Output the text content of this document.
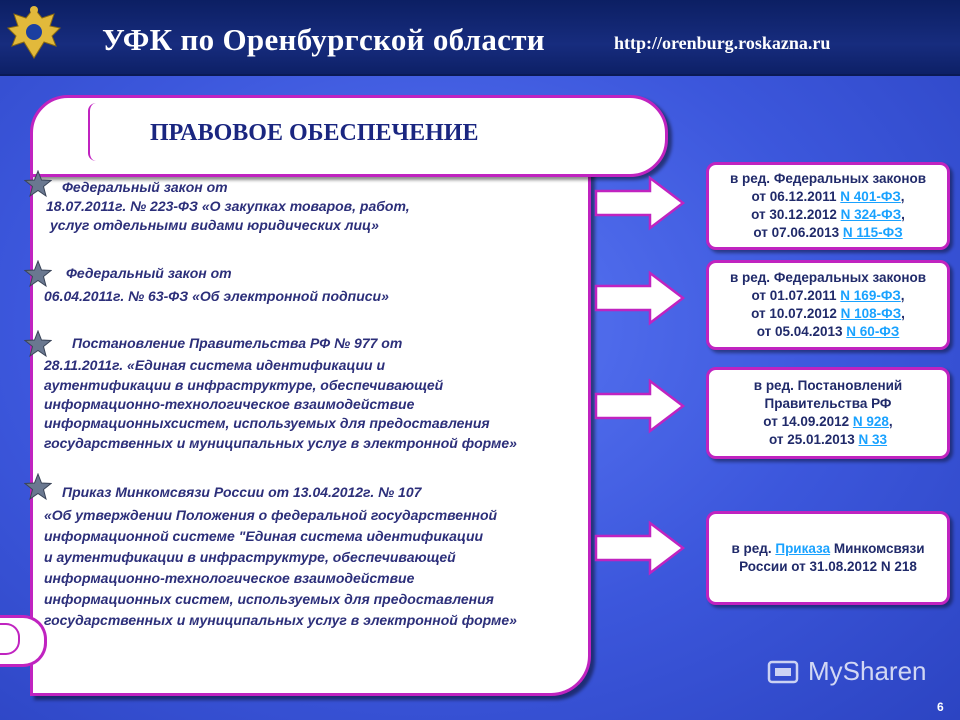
УФК по Оренбургской области	http://orenburg.roskazna.ru
ПРАВОВОЕ ОБЕСПЕЧЕНИЕ
Федеральный закон от
18.07.2011г. № 223-ФЗ «О закупках товаров, работ,
услуг отдельными видами юридических лиц»
Федеральный закон от
06.04.2011г. № 63-ФЗ «Об электронной подписи»
Постановление Правительства РФ № 977 от
28.11.2011г. «Единая система идентификации и
аутентификации в инфраструктуре, обеспечивающей
информационно-технологическое взаимодействие
информационныхсистем, используемых для предоставления
государственных и муниципальных услуг в электронной форме»
Приказ Минкомсвязи России от 13.04.2012г. № 107
«Об утверждении Положения о федеральной государственной
информационной системе "Единая система идентификации
и аутентификации в инфраструктуре, обеспечивающей
информационно-технологическое взаимодействие
информационных систем, используемых для предоставления
государственных и муниципальных услуг в электронной форме»
в ред. Федеральных законов
от 06.12.2011 N 401-ФЗ,
от 30.12.2012 N 324-ФЗ,
от 07.06.2013 N 115-ФЗ
в ред. Федеральных законов
от 01.07.2011 N 169-ФЗ,
от 10.07.2012 N 108-ФЗ,
от 05.04.2013 N 60-ФЗ
в ред. Постановлений
Правительства РФ
от 14.09.2012 N 928,
от 25.01.2013 N 33
в ред. Приказа Минкомсвязи
России от 31.08.2012 N 218
MySharen
6
